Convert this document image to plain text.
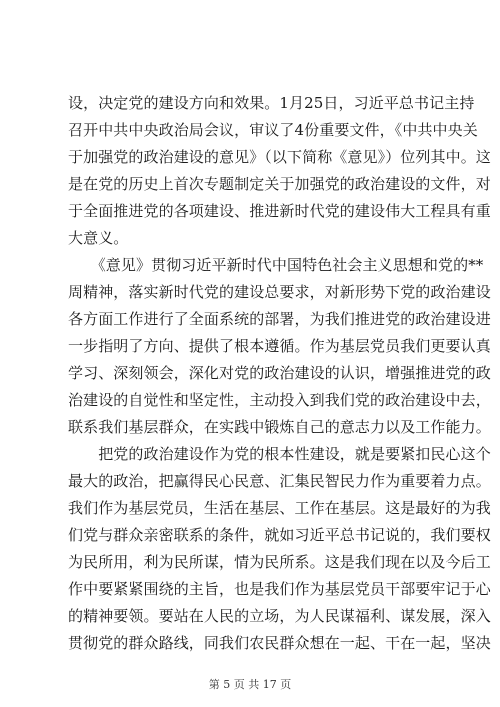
设，决定党的建设方向和效果。1月25日，习近平总书记主持
召开中共中央政治局会议，审议了4份重要文件，《中共中央关
于加强党的政治建设的意见》（以下简称《意见》）位列其中。这
是在党的历史上首次专题制定关于加强党的政治建设的文件，对
于全面推进党的各项建设、推进新时代党的建设伟大工程具有重
大意义。
　　《意见》贯彻习近平新时代中国特色社会主义思想和党的**
周精神，落实新时代党的建设总要求，对新形势下党的政治建设
各方面工作进行了全面系统的部署，为我们推进党的政治建设进
一步指明了方向、提供了根本遵循。作为基层党员我们更要认真
学习、深刻领会，深化对党的政治建设的认识，增强推进党的政
治建设的自觉性和坚定性，主动投入到我们党的政治建设中去，
联系我们基层群众，在实践中锻炼自己的意志力以及工作能力。
　　把党的政治建设作为党的根本性建设，就是要紧扣民心这个
最大的政治，把赢得民心民意、汇集民智民力作为重要着力点。
我们作为基层党员，生活在基层、工作在基层。这是最好的为我
们党与群众亲密联系的条件，就如习近平总书记说的，我们要权
为民所用，利为民所谋，情为民所系。这是我们现在以及今后工
作中要紧紧围绕的主旨，也是我们作为基层党员干部要牢记于心
的精神要领。要站在人民的立场，为人民谋福利、谋发展，深入
贯彻党的群众路线，同我们农民群众想在一起、干在一起，坚决
第 5 页 共 17 页
